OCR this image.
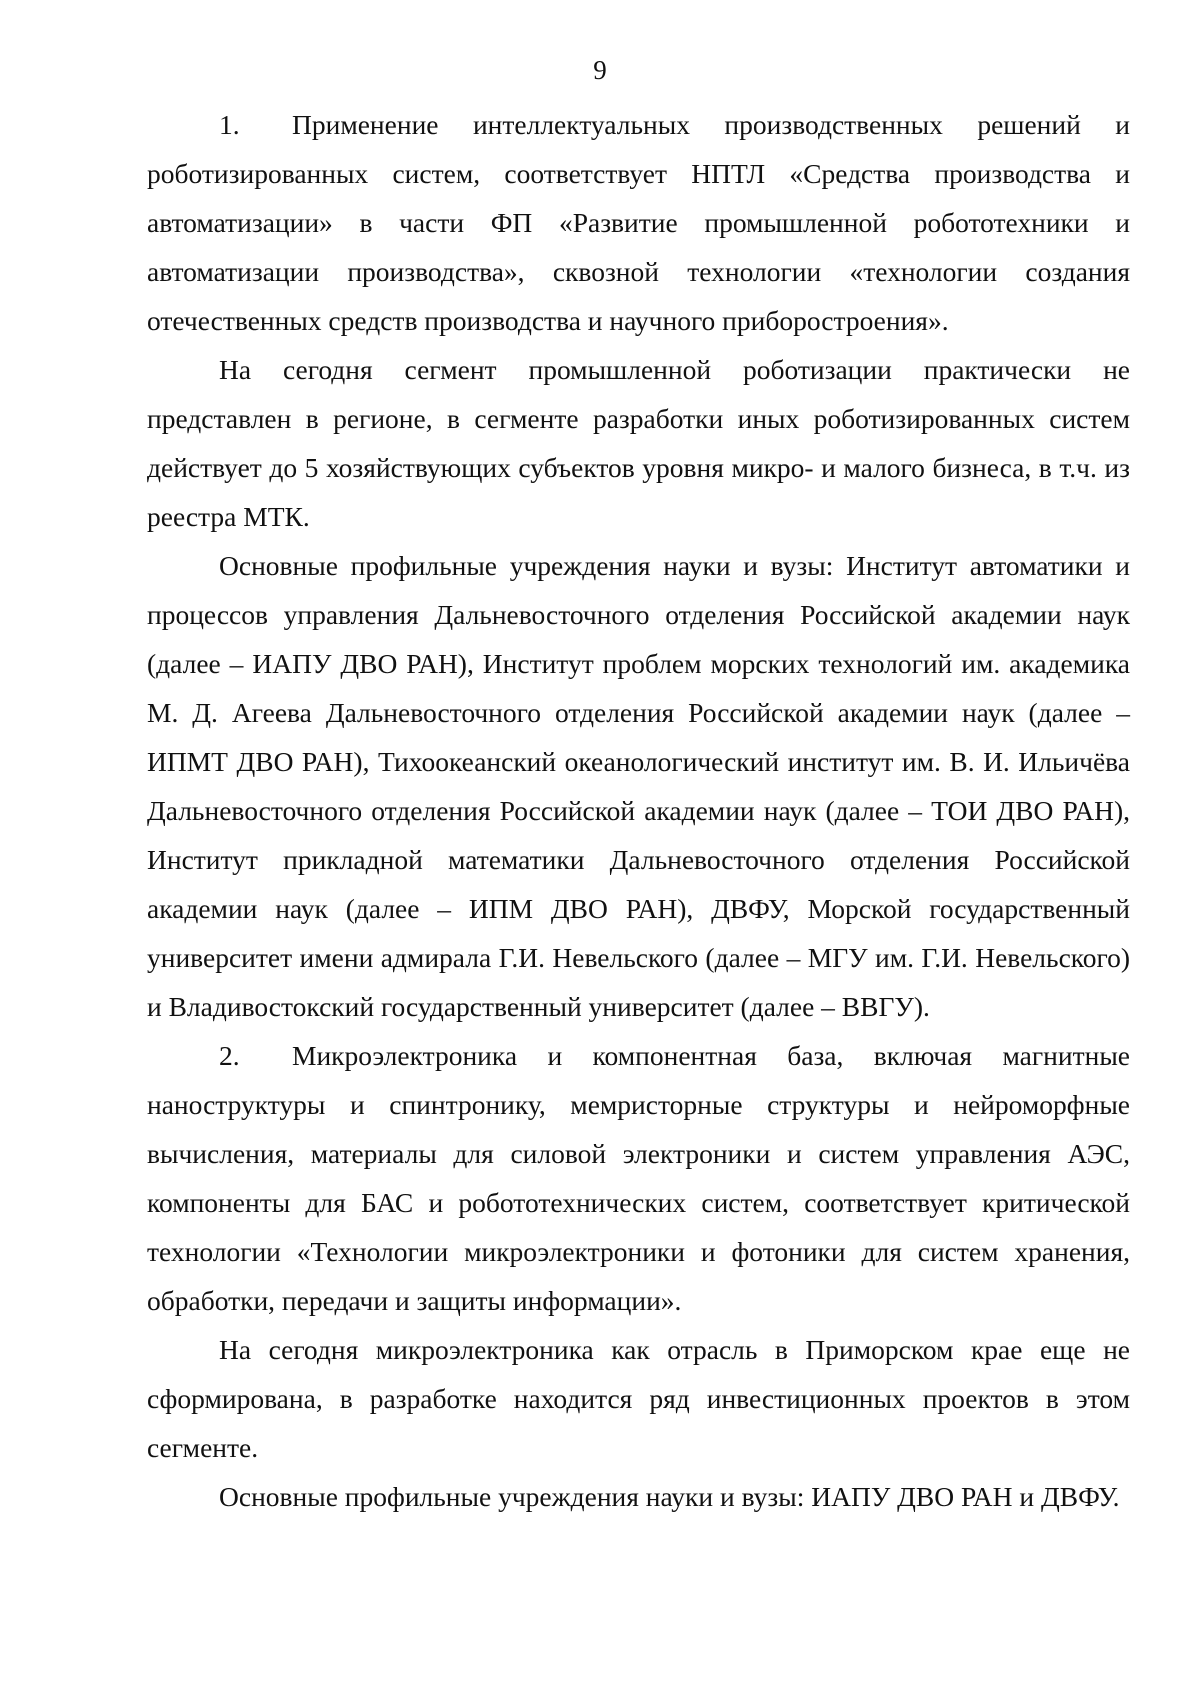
9

1. Применение интеллектуальных производственных решений и роботизированных систем, соответствует НПТЛ «Средства производства и автоматизации» в части ФП «Развитие промышленной робототехники и автоматизации производства», сквозной технологии «технологии создания отечественных средств производства и научного приборостроения».

На сегодня сегмент промышленной роботизации практически не представлен в регионе, в сегменте разработки иных роботизированных систем действует до 5 хозяйствующих субъектов уровня микро- и малого бизнеса, в т.ч. из реестра МТК.

Основные профильные учреждения науки и вузы: Институт автоматики и процессов управления Дальневосточного отделения Российской академии наук (далее – ИАПУ ДВО РАН), Институт проблем морских технологий им. академика М. Д. Агеева Дальневосточного отделения Российской академии наук (далее – ИПМТ ДВО РАН), Тихоокеанский океанологический институт им. В. И. Ильичёва Дальневосточного отделения Российской академии наук (далее – ТОИ ДВО РАН), Институт прикладной математики Дальневосточного отделения Российской академии наук (далее – ИПМ ДВО РАН), ДВФУ, Морской государственный университет имени адмирала Г.И. Невельского (далее – МГУ им. Г.И. Невельского) и Владивостокский государственный университет (далее – ВВГУ).

2. Микроэлектроника и компонентная база, включая магнитные наноструктуры и спинтронику, мемристорные структуры и нейроморфные вычисления, материалы для силовой электроники и систем управления АЭС, компоненты для БАС и робототехнических систем, соответствует критической технологии «Технологии микроэлектроники и фотоники для систем хранения, обработки, передачи и защиты информации».

На сегодня микроэлектроника как отрасль в Приморском крае еще не сформирована, в разработке находится ряд инвестиционных проектов в этом сегменте.

Основные профильные учреждения науки и вузы: ИАПУ ДВО РАН и ДВФУ.
